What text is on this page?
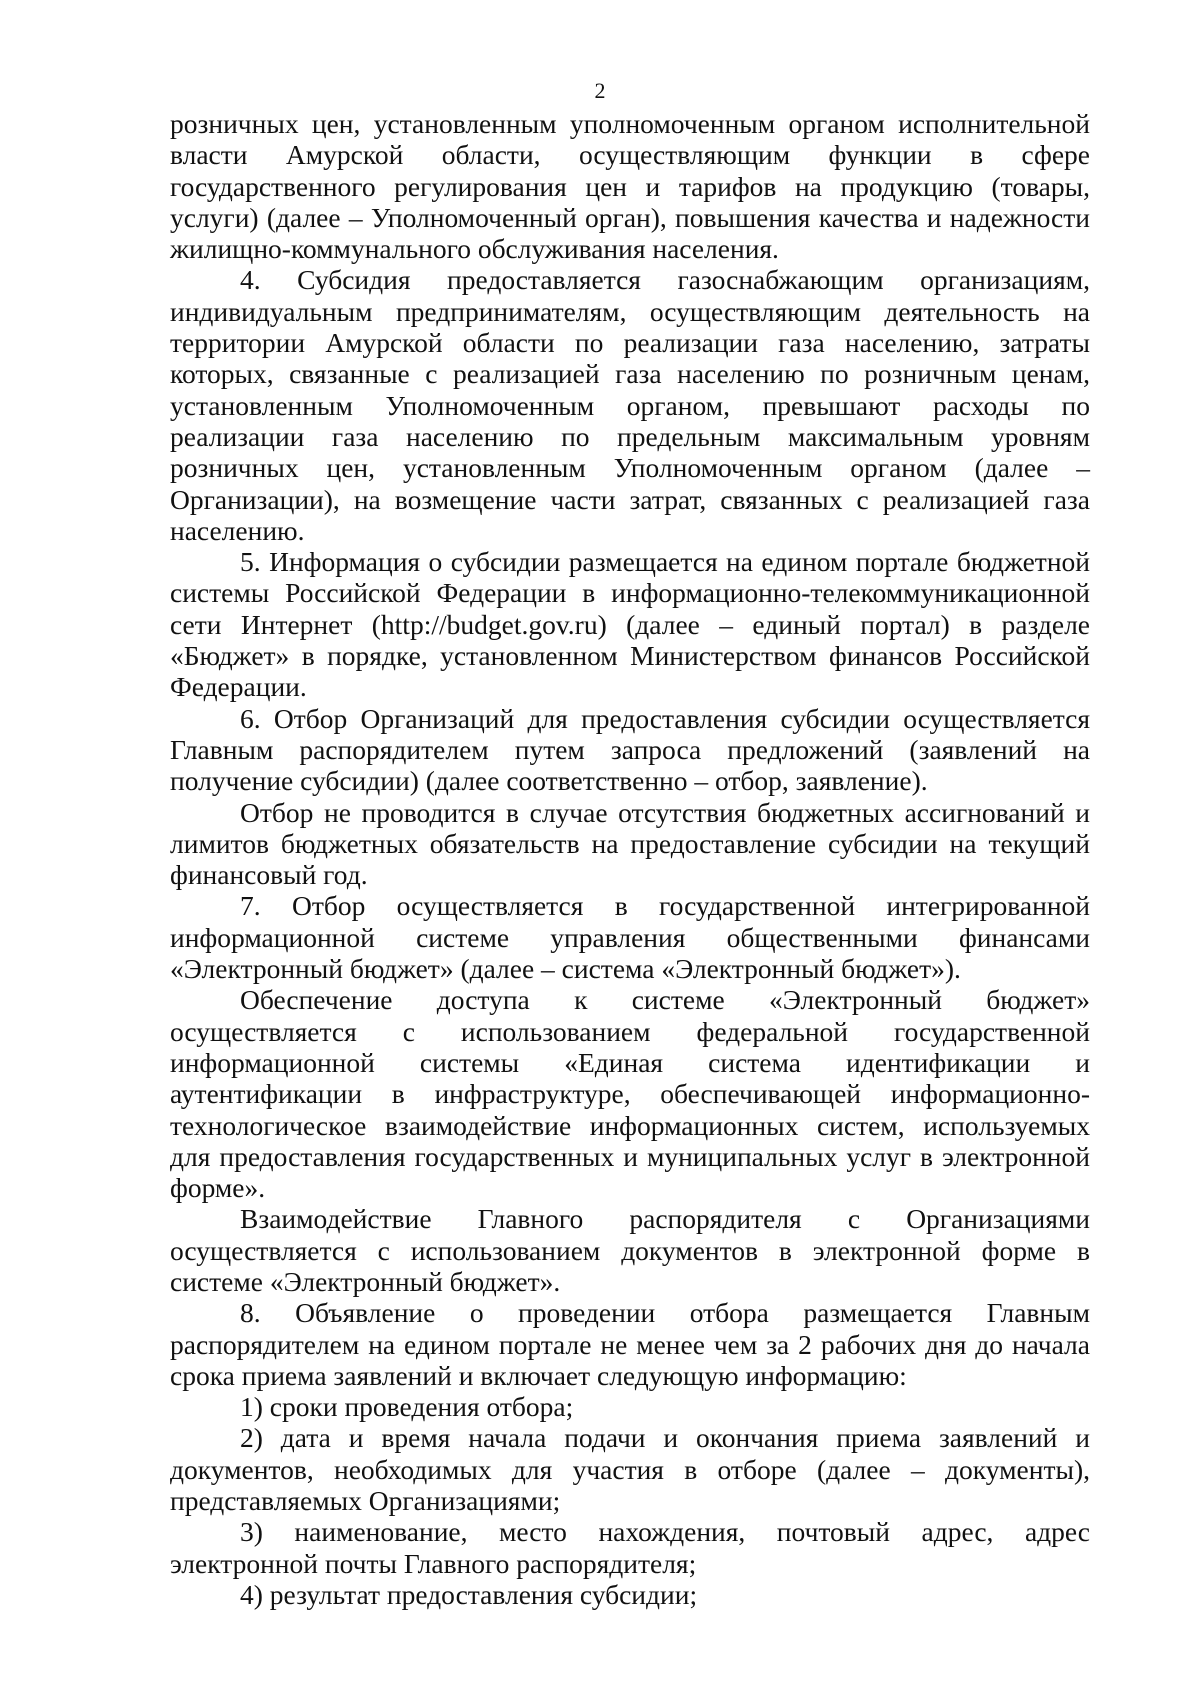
2

розничных цен, установленным уполномоченным органом исполнительной власти Амурской области, осуществляющим функции в сфере государственного регулирования цен и тарифов на продукцию (товары, услуги) (далее – Уполномоченный орган), повышения качества и надежности жилищно-коммунального обслуживания населения.

4. Субсидия предоставляется газоснабжающим организациям, индивидуальным предпринимателям, осуществляющим деятельность на территории Амурской области по реализации газа населению, затраты которых, связанные с реализацией газа населению по розничным ценам, установленным Уполномоченным органом, превышают расходы по реализации газа населению по предельным максимальным уровням розничных цен, установленным Уполномоченным органом (далее – Организации), на возмещение части затрат, связанных с реализацией газа населению.

5. Информация о субсидии размещается на едином портале бюджетной системы Российской Федерации в информационно-телекоммуникационной сети Интернет (http://budget.gov.ru) (далее – единый портал) в разделе «Бюджет» в порядке, установленном Министерством финансов Российской Федерации.

6. Отбор Организаций для предоставления субсидии осуществляется Главным распорядителем путем запроса предложений (заявлений на получение субсидии) (далее соответственно – отбор, заявление).

Отбор не проводится в случае отсутствия бюджетных ассигнований и лимитов бюджетных обязательств на предоставление субсидии на текущий финансовый год.

7. Отбор осуществляется в государственной интегрированной информационной системе управления общественными финансами «Электронный бюджет» (далее – система «Электронный бюджет»).

Обеспечение доступа к системе «Электронный бюджет» осуществляется с использованием федеральной государственной информационной системы «Единая система идентификации и аутентификации в инфраструктуре, обеспечивающей информационно-технологическое взаимодействие информационных систем, используемых для предоставления государственных и муниципальных услуг в электронной форме».

Взаимодействие Главного распорядителя с Организациями осуществляется с использованием документов в электронной форме в системе «Электронный бюджет».

8. Объявление о проведении отбора размещается Главным распорядителем на едином портале не менее чем за 2 рабочих дня до начала срока приема заявлений и включает следующую информацию:

1) сроки проведения отбора;

2) дата и время начала подачи и окончания приема заявлений и документов, необходимых для участия в отборе (далее – документы), представляемых Организациями;

3) наименование, место нахождения, почтовый адрес, адрес электронной почты Главного распорядителя;

4) результат предоставления субсидии;
